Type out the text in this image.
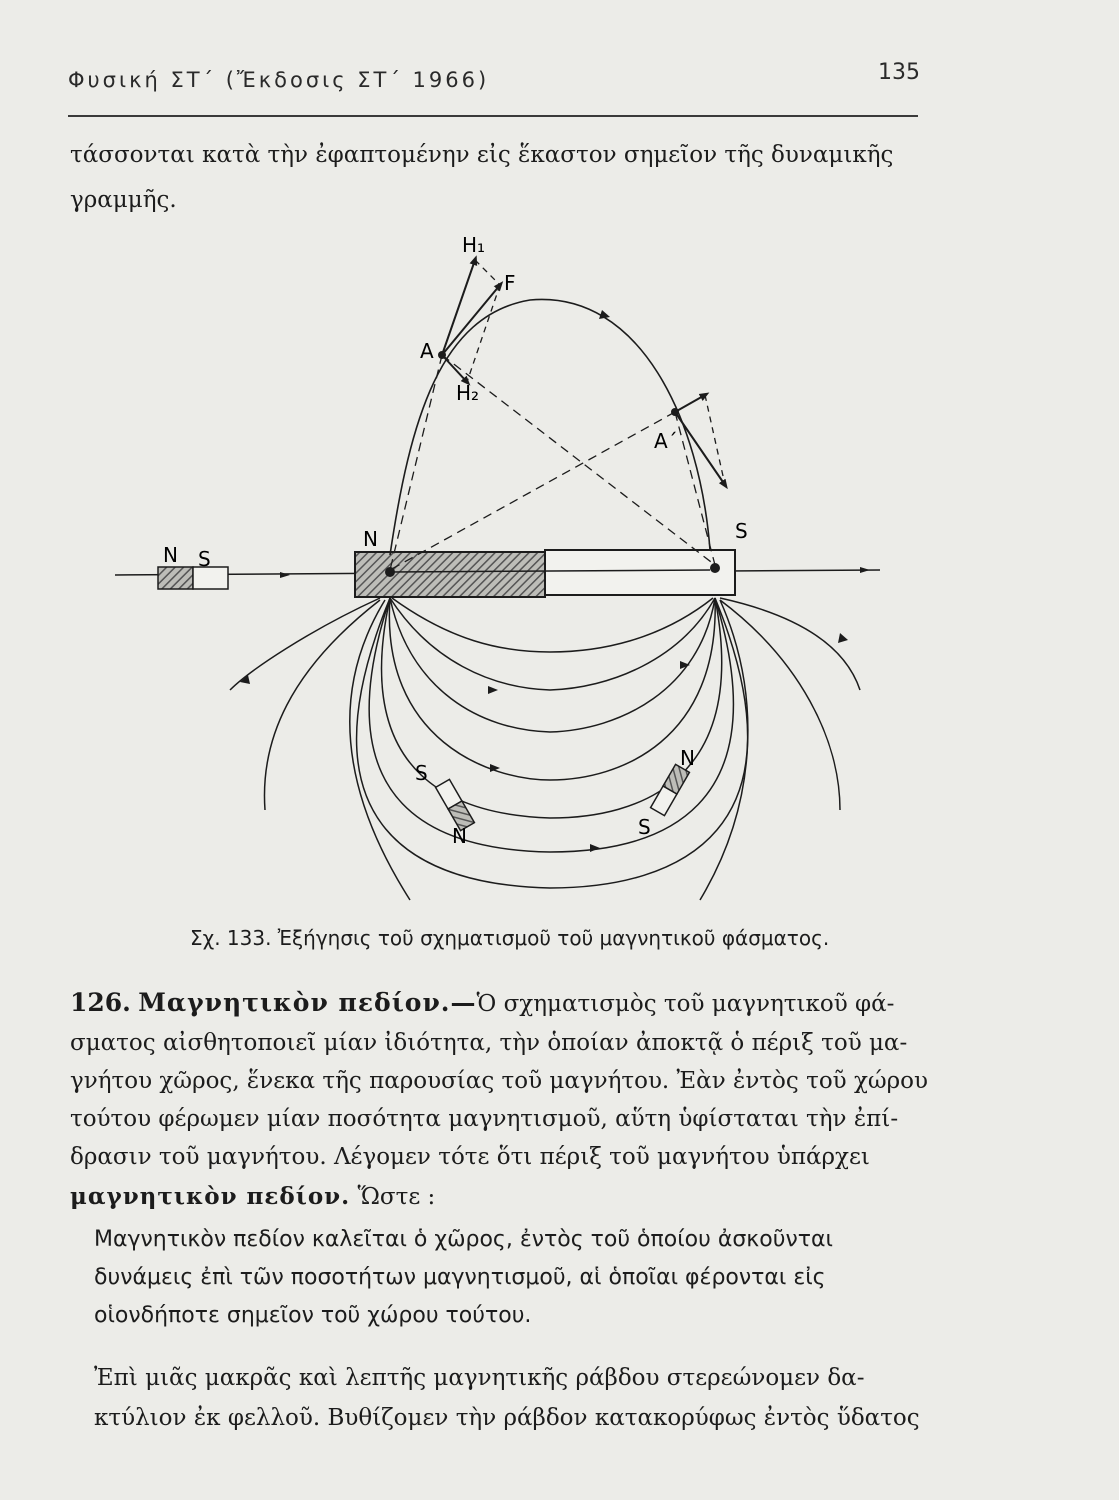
Φυσική ΣΤ΄ (Ἔκδοσις ΣΤ΄ 1966)	135
τάσσονται κατὰ τὴν ἐφαπτομένην εἰς ἕκαστον σημεῖον τῆς δυναμικῆς
γραμμῆς.
H₁
F
A
H₂
A΄
N	S
N S
S
N
N
S
Σχ. 133. Ἐξήγησις τοῦ σχηματισμοῦ τοῦ μαγνητικοῦ φάσματος.
126. Μαγνητικὸν πεδίον.—Ὁ σχηματισμὸς τοῦ μαγνητικοῦ φά-
σματος αἰσθητοποιεῖ μίαν ἰδιότητα, τὴν ὁποίαν ἀποκτᾷ ὁ πέριξ τοῦ μα-
γνήτου χῶρος, ἕνεκα τῆς παρουσίας τοῦ μαγνήτου. Ἐὰν ἐντὸς τοῦ χώρου
τούτου φέρωμεν μίαν ποσότητα μαγνητισμοῦ, αὕτη ὑφίσταται τὴν ἐπί-
δρασιν τοῦ μαγνήτου. Λέγομεν τότε ὅτι πέριξ τοῦ μαγνήτου ὑπάρχει
μαγνητικὸν πεδίον. Ὥστε :
Μαγνητικὸν πεδίον καλεῖται ὁ χῶρος, ἐντὸς τοῦ ὁποίου ἀσκοῦνται
δυνάμεις ἐπὶ τῶν ποσοτήτων μαγνητισμοῦ, αἱ ὁποῖαι φέρονται εἰς
οἱονδήποτε σημεῖον τοῦ χώρου τούτου.
Ἐπὶ μιᾶς μακρᾶς καὶ λεπτῆς μαγνητικῆς ράβδου στερεώνομεν δα-
κτύλιον ἐκ φελλοῦ. Βυθίζομεν τὴν ράβδον κατακορύφως ἐντὸς ὕδατος
